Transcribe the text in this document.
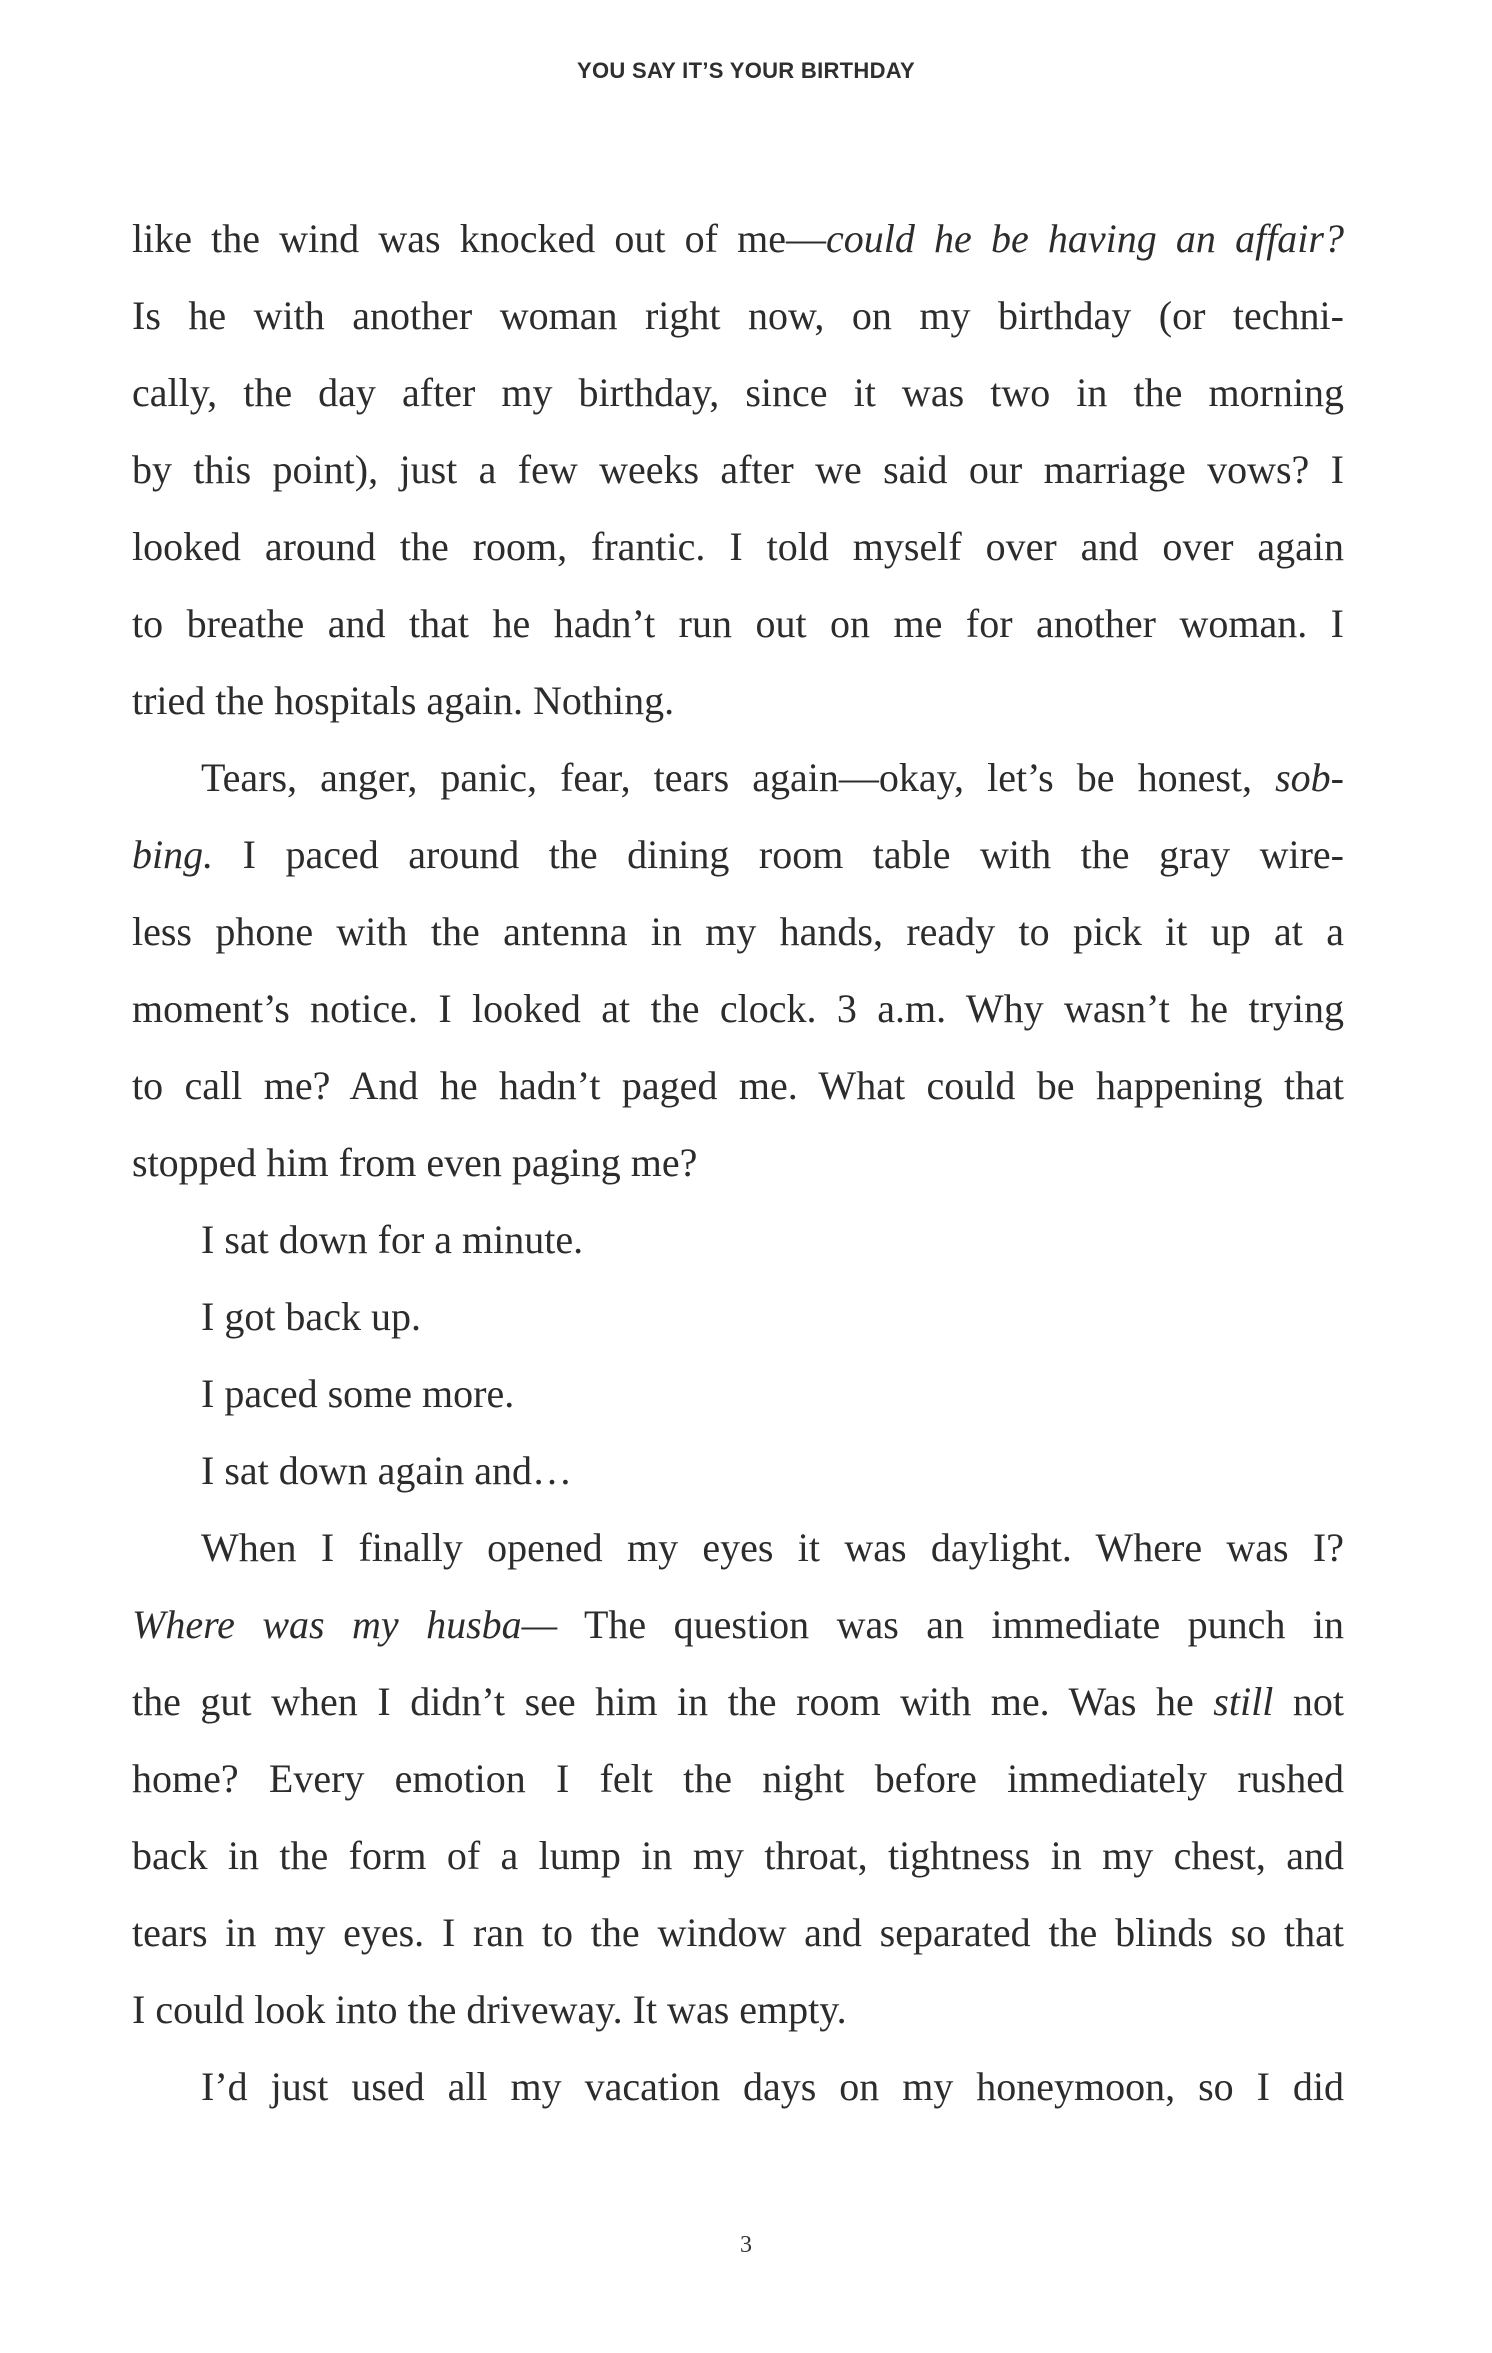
YOU SAY IT’S YOUR BIRTHDAY
like the wind was knocked out of me—could he be having an affair?
Is he with another woman right now, on my birthday (or techni-
cally, the day after my birthday, since it was two in the morning
by this point), just a few weeks after we said our marriage vows? I
looked around the room, frantic. I told myself over and over again
to breathe and that he hadn’t run out on me for another woman. I
tried the hospitals again. Nothing.
Tears, anger, panic, fear, tears again—okay, let’s be honest, sob-
bing. I paced around the dining room table with the gray wire-
less phone with the antenna in my hands, ready to pick it up at a
moment’s notice. I looked at the clock. 3 a.m. Why wasn’t he trying
to call me? And he hadn’t paged me. What could be happening that
stopped him from even paging me?
I sat down for a minute.
I got back up.
I paced some more.
I sat down again and…
When I finally opened my eyes it was daylight. Where was I?
Where was my husba— The question was an immediate punch in
the gut when I didn’t see him in the room with me. Was he still not
home? Every emotion I felt the night before immediately rushed
back in the form of a lump in my throat, tightness in my chest, and
tears in my eyes. I ran to the window and separated the blinds so that
I could look into the driveway. It was empty.
I’d just used all my vacation days on my honeymoon, so I did
3
